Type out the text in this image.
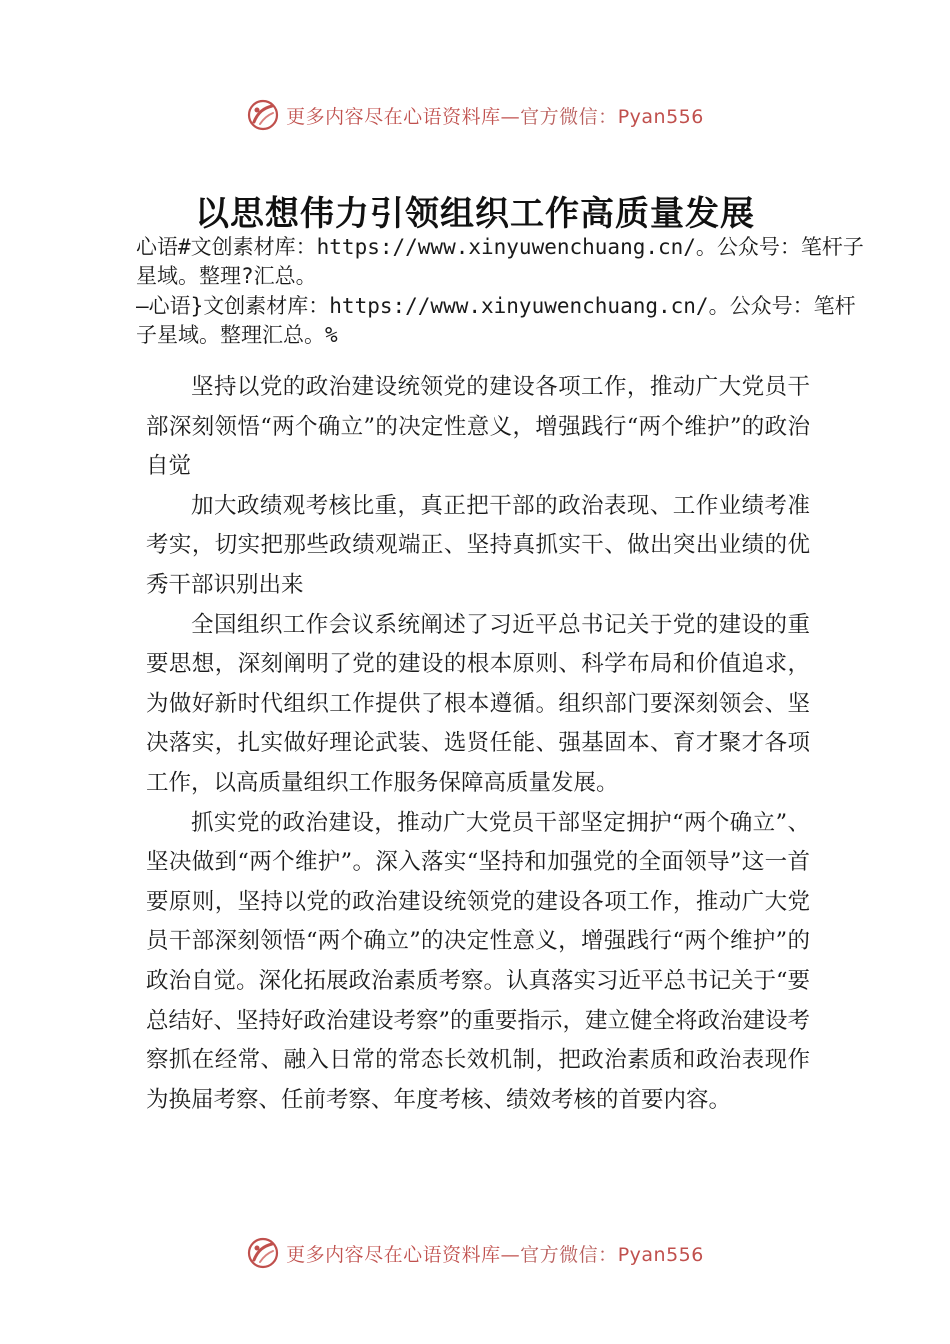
更多内容尽在心语资料库—官方微信：Pyan556
以思想伟力引领组织工作高质量发展
心语#文创素材库：https://www.xinyuwenchuang.cn/。公众号：笔杆子星域。整理?汇总。
—心语}文创素材库：https://www.xinyuwenchuang.cn/。公众号：笔杆子星域。整理汇总。%

坚持以党的政治建设统领党的建设各项工作，推动广大党员干部深刻领悟“两个确立”的决定性意义，增强践行“两个维护”的政治自觉

加大政绩观考核比重，真正把干部的政治表现、工作业绩考准考实，切实把那些政绩观端正、坚持真抓实干、做出突出业绩的优秀干部识别出来

全国组织工作会议系统阐述了习近平总书记关于党的建设的重要思想，深刻阐明了党的建设的根本原则、科学布局和价值追求，为做好新时代组织工作提供了根本遵循。组织部门要深刻领会、坚决落实，扎实做好理论武装、选贤任能、强基固本、育才聚才各项工作，以高质量组织工作服务保障高质量发展。

抓实党的政治建设，推动广大党员干部坚定拥护“两个确立”、坚决做到“两个维护”。深入落实“坚持和加强党的全面领导”这一首要原则，坚持以党的政治建设统领党的建设各项工作，推动广大党员干部深刻领悟“两个确立”的决定性意义，增强践行“两个维护”的政治自觉。深化拓展政治素质考察。认真落实习近平总书记关于“要总结好、坚持好政治建设考察”的重要指示，建立健全将政治建设考察抓在经常、融入日常的常态长效机制，把政治素质和政治表现作为换届考察、任前考察、年度考核、绩效考核的首要内容。

更多内容尽在心语资料库—官方微信：Pyan556
